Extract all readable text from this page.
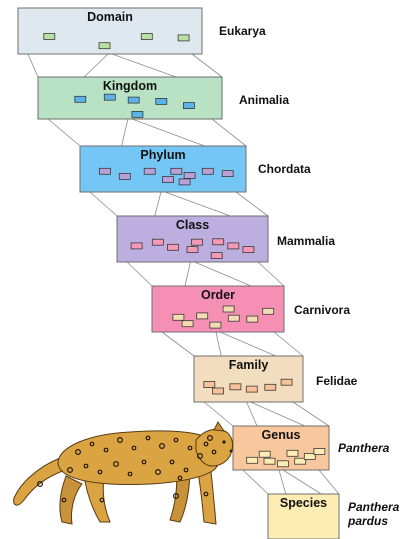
Domain
Eukarya
Kingdom
Animalia
Phylum
Chordata
Class
Mammalia
Order
Carnivora
Family
Felidae
Genus
Panthera
Species Panthera
pardus
